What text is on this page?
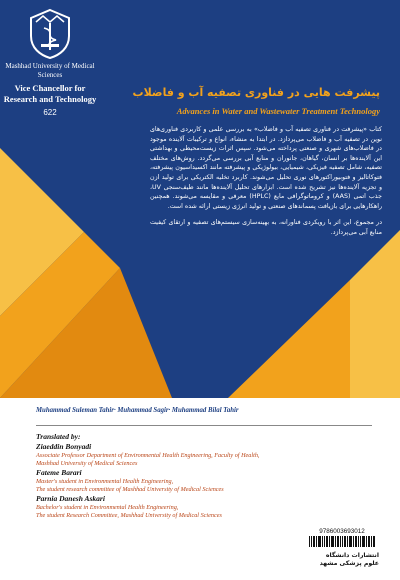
Mashhad University of Medical Sciences
Vice Chancellor for Research and Technology
622
پیشرفت هایی در فناوری تصفیه آب و فاضلاب
Advances in Water and Wastewater Treatment Technology

کتاب «پیشرفت در فناوری تصفیه آب و فاضلاب» به بررسی علمی و کاربردی فناوری‌های نوین در تصفیه آب و فاضلاب می‌پردازد. در ابتدا به منشاء، انواع و ترکیبات آلاینده موجود در فاضلاب‌های شهری و صنعتی پرداخته می‌شود. سپس اثرات زیست‌محیطی و بهداشتی این آلاینده‌ها بر انسان، گیاهان، جانوران و منابع آبی بررسی می‌گردد. روش‌های مختلف تصفیه، شامل تصفیه فیزیکی، شیمیایی، بیولوژیکی و پیشرفته مانند اکسیداسیون پیشرفته، فتوکاتالیز و فتوبیوراکتورهای نوری تحلیل می‌شوند. کاربرد تخلیه الکتریکی برای تولید ازن و تجزیه آلاینده‌ها نیز تشریح شده است. ابزارهای تحلیل آلاینده‌ها مانند طیف‌سنجی UV، جذب اتمی (AAS) و کروماتوگرافی مایع (HPLC) معرفی و مقایسه می‌شوند. همچنین راهکارهایی برای بازیافت پسماندهای صنعتی و تولید انرژی زیستی ارائه شده است.

در مجموع، این اثر با رویکردی فناورانه، به بهینه‌سازی سیستم‌های تصفیه و ارتقای کیفیت منابع آبی می‌پردازد.

Muhammad Suleman Tahir· Muhammad Sagir· Muhammad Bilal Tahir
Translated by:
Ziaeddin Bonyadi
Associate Professor Department of Environmental Health Engineering, Faculty of Health,
Mashhad University of Medical Sciences
Fateme Barari
Master's student in Environmental Health Engineering,
The student research committee of Mashhad University of Medical Sciences
Parnia Danesh Askari
Bachelor's student in Environmental Health Engineering,
The student Research Committee, Mashhad University of Medical Sciences
9786003693012
انتشارات دانشگاه
علوم پزشکی مشهد
